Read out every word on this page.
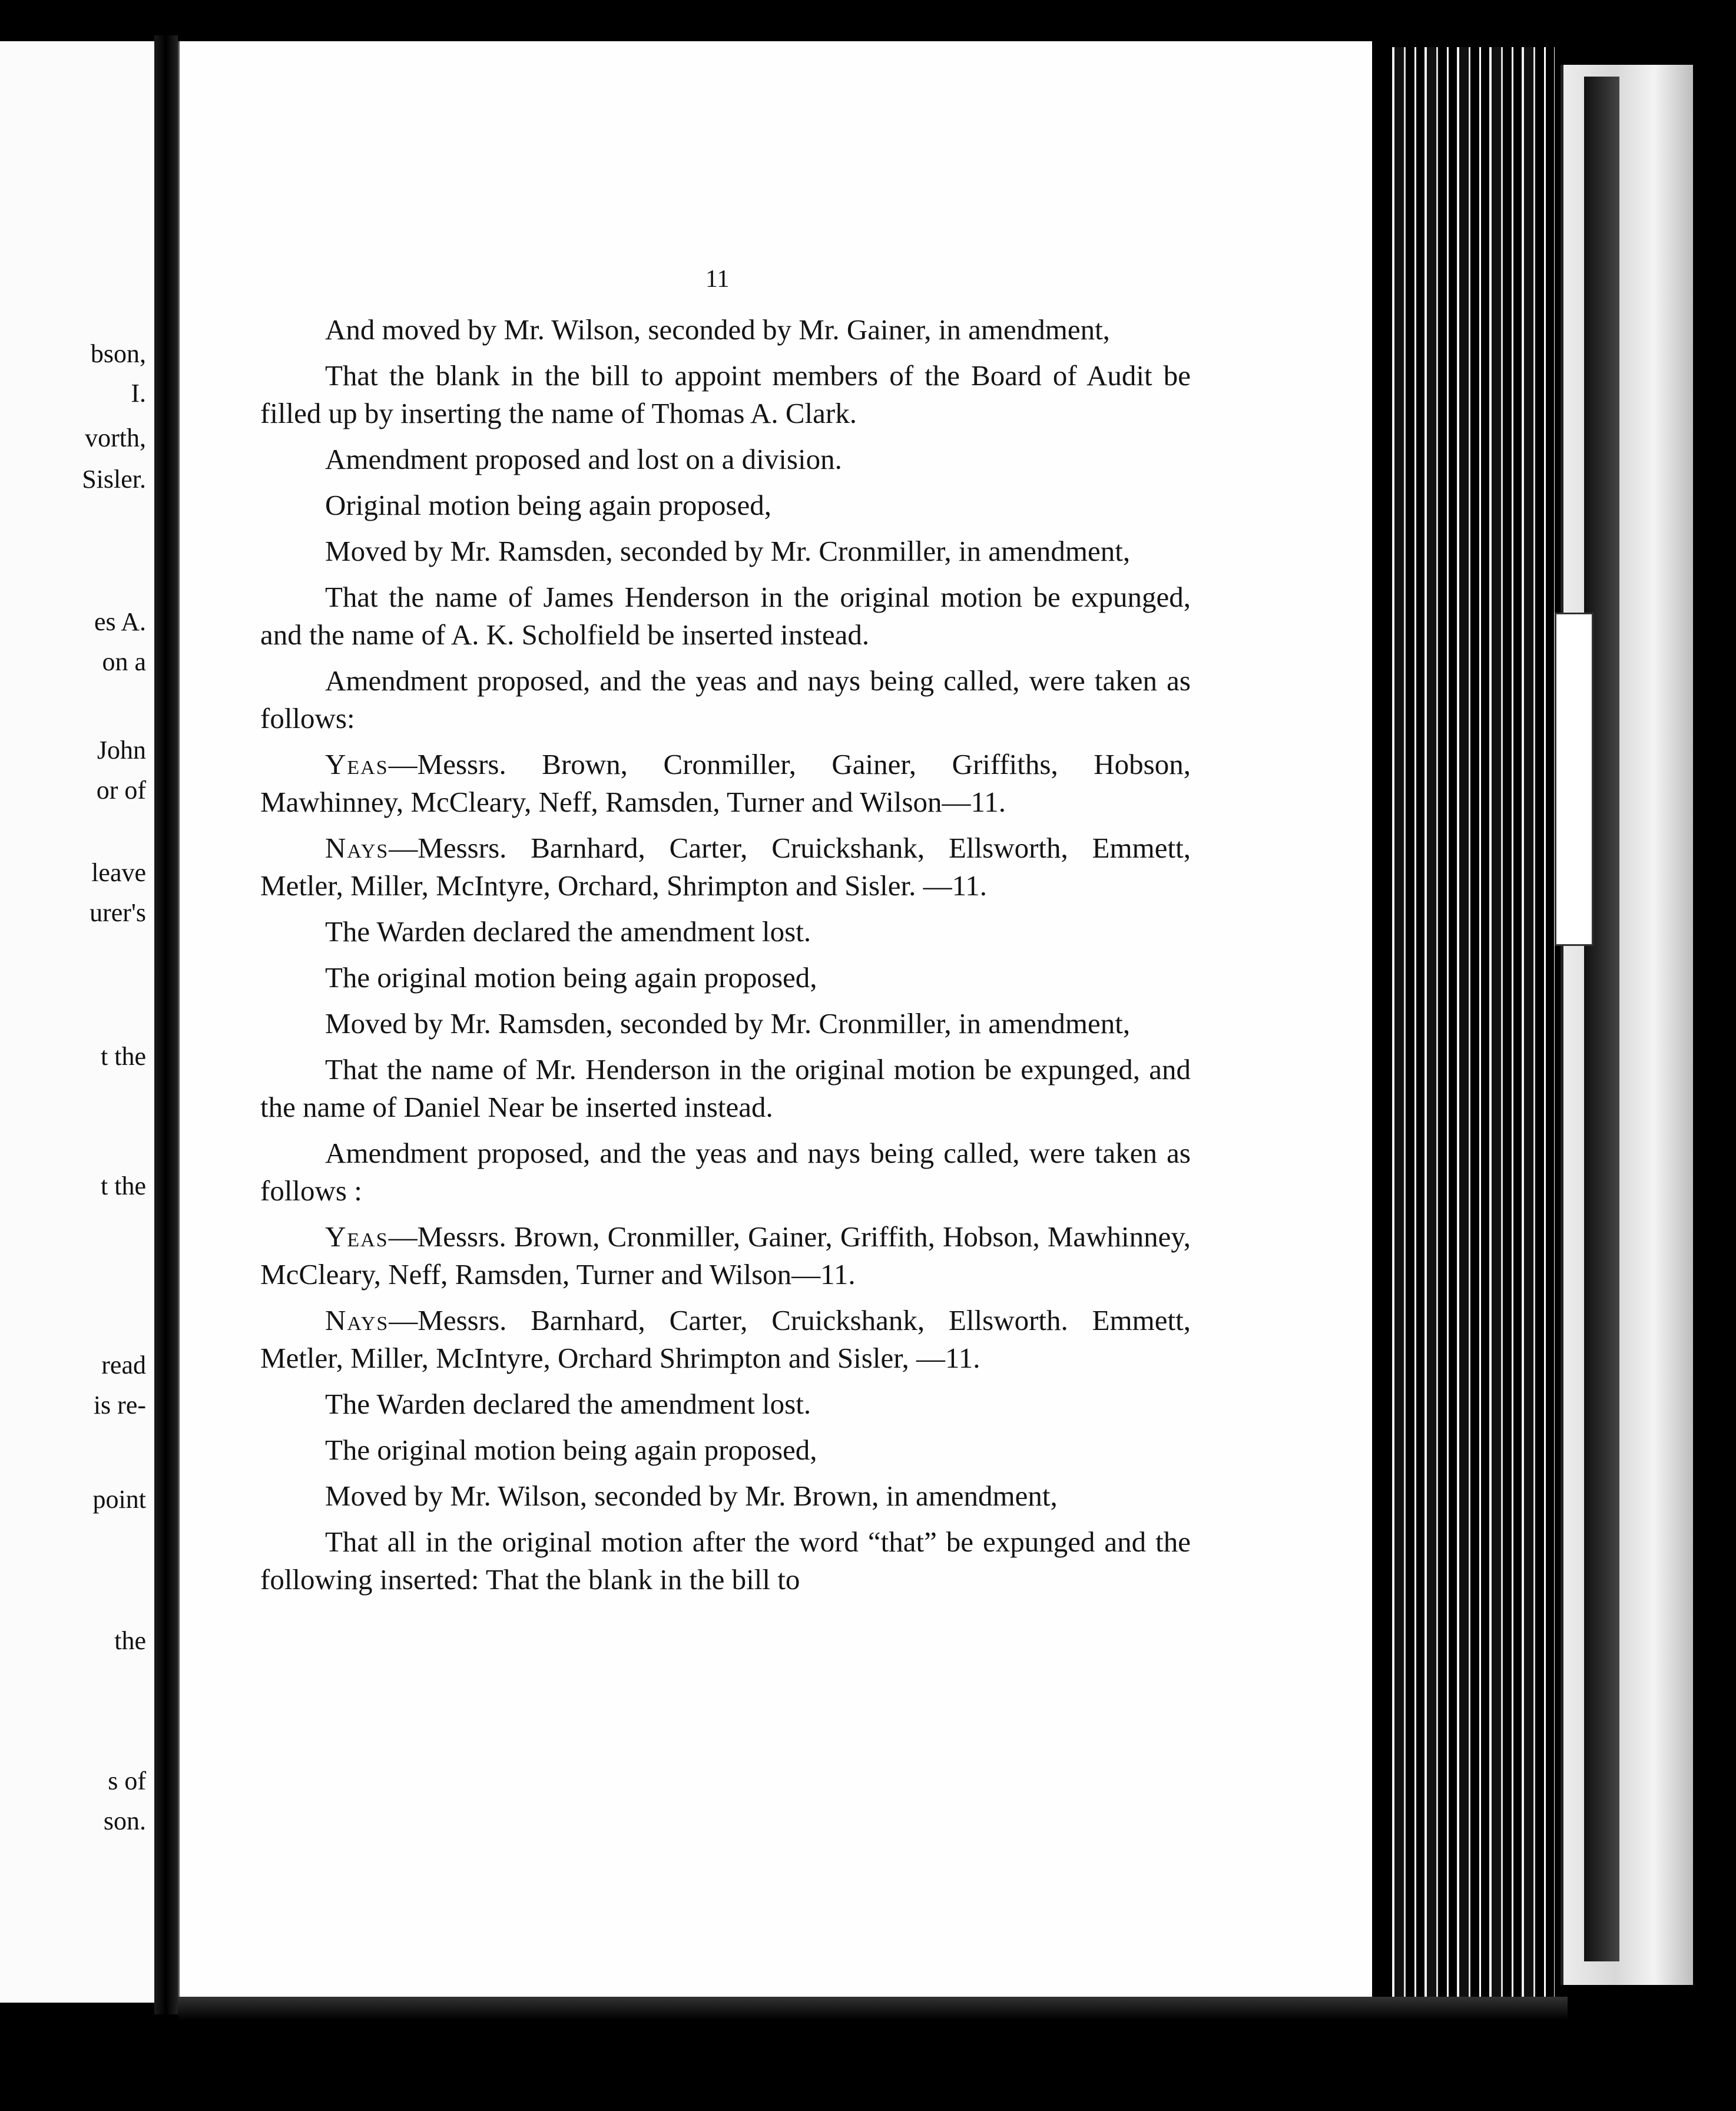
bson,
I.
vorth,
Sisler.
es A.
on a
John
or of
leave
urer's
t the
t the
read
is re-
point
the
s of
son.
11

And moved by Mr. Wilson, seconded by Mr. Gainer, in amendment,

That the blank in the bill to appoint members of the Board of Audit be filled up by inserting the name of Thomas A. Clark.

Amendment proposed and lost on a division.

Original motion being again proposed,

Moved by Mr. Ramsden, seconded by Mr. Cronmiller, in amendment,

That the name of James Henderson in the original motion be expunged, and the name of A. K. Scholfield be inserted instead.

Amendment proposed, and the yeas and nays being called, were taken as follows:

Yeas—Messrs. Brown, Cronmiller, Gainer, Griffiths, Hobson, Mawhinney, McCleary, Neff, Ramsden, Turner and Wilson—11.

Nays—Messrs. Barnhard, Carter, Cruickshank, Ellsworth, Emmett, Metler, Miller, McIntyre, Orchard, Shrimpton and Sisler. —11.

The Warden declared the amendment lost.

The original motion being again proposed,

Moved by Mr. Ramsden, seconded by Mr. Cronmiller, in amendment,

That the name of Mr. Henderson in the original motion be expunged, and the name of Daniel Near be inserted instead.

Amendment proposed, and the yeas and nays being called, were taken as follows :

Yeas—Messrs. Brown, Cronmiller, Gainer, Griffith, Hobson, Mawhinney, McCleary, Neff, Ramsden, Turner and Wilson—11.

Nays—Messrs. Barnhard, Carter, Cruickshank, Ellsworth. Emmett, Metler, Miller, McIntyre, Orchard Shrimpton and Sisler, —11.

The Warden declared the amendment lost.

The original motion being again proposed,

Moved by Mr. Wilson, seconded by Mr. Brown, in amendment,

That all in the original motion after the word “that” be expunged and the following inserted: That the blank in the bill to
